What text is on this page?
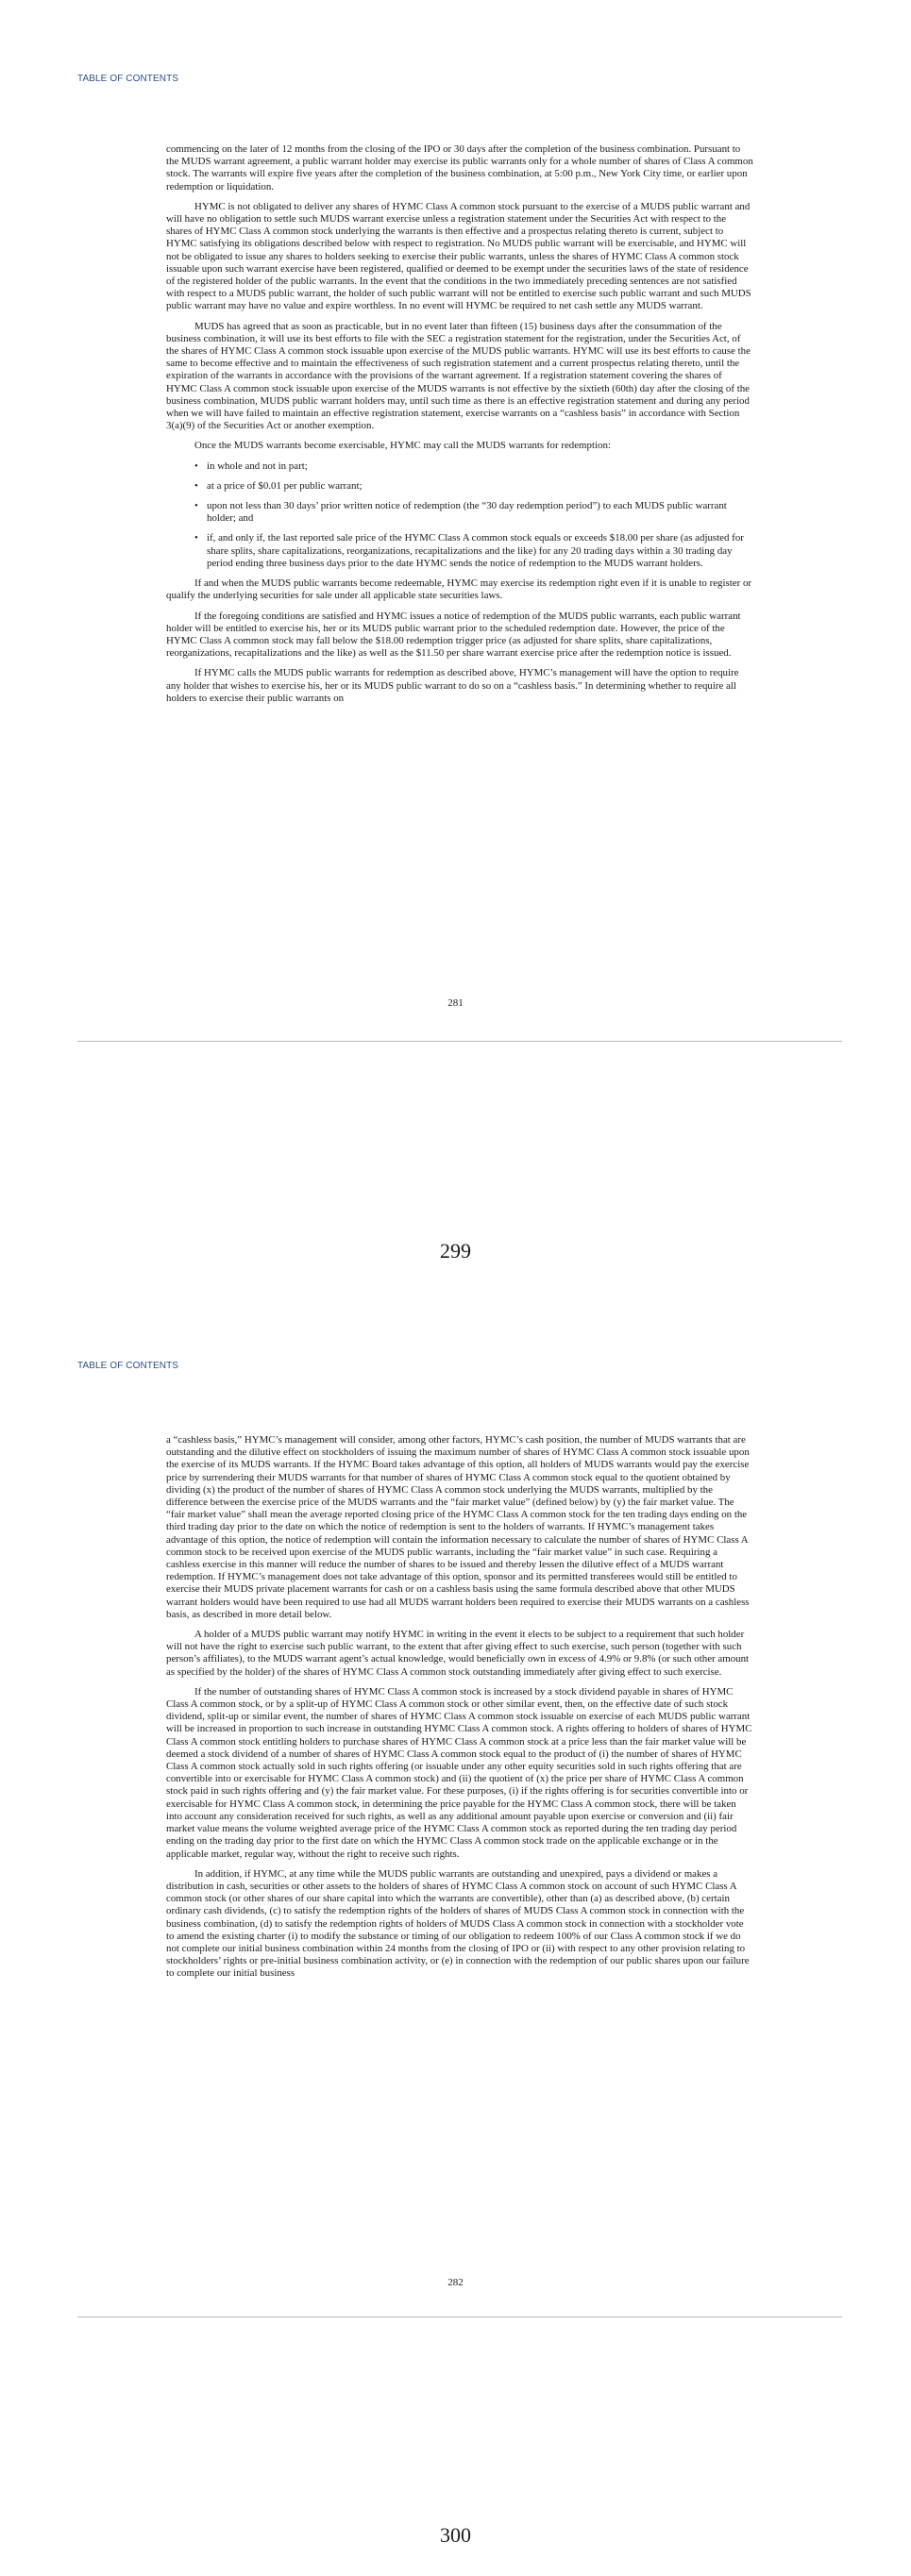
TABLE OF CONTENTS

commencing on the later of 12 months from the closing of the IPO or 30 days after the completion of the business combination. Pursuant to the MUDS warrant agreement, a public warrant holder may exercise its public warrants only for a whole number of shares of Class A common stock. The warrants will expire five years after the completion of the business combination, at 5:00 p.m., New York City time, or earlier upon redemption or liquidation.

HYMC is not obligated to deliver any shares of HYMC Class A common stock pursuant to the exercise of a MUDS public warrant and will have no obligation to settle such MUDS warrant exercise unless a registration statement under the Securities Act with respect to the shares of HYMC Class A common stock underlying the warrants is then effective and a prospectus relating thereto is current, subject to HYMC satisfying its obligations described below with respect to registration. No MUDS public warrant will be exercisable, and HYMC will not be obligated to issue any shares to holders seeking to exercise their public warrants, unless the shares of HYMC Class A common stock issuable upon such warrant exercise have been registered, qualified or deemed to be exempt under the securities laws of the state of residence of the registered holder of the public warrants. In the event that the conditions in the two immediately preceding sentences are not satisfied with respect to a MUDS public warrant, the holder of such public warrant will not be entitled to exercise such public warrant and such MUDS public warrant may have no value and expire worthless. In no event will HYMC be required to net cash settle any MUDS warrant.

MUDS has agreed that as soon as practicable, but in no event later than fifteen (15) business days after the consummation of the business combination, it will use its best efforts to file with the SEC a registration statement for the registration, under the Securities Act, of the shares of HYMC Class A common stock issuable upon exercise of the MUDS public warrants. HYMC will use its best efforts to cause the same to become effective and to maintain the effectiveness of such registration statement and a current prospectus relating thereto, until the expiration of the warrants in accordance with the provisions of the warrant agreement. If a registration statement covering the shares of HYMC Class A common stock issuable upon exercise of the MUDS warrants is not effective by the sixtieth (60th) day after the closing of the business combination, MUDS public warrant holders may, until such time as there is an effective registration statement and during any period when we will have failed to maintain an effective registration statement, exercise warrants on a “cashless basis” in accordance with Section 3(a)(9) of the Securities Act or another exemption.

Once the MUDS warrants become exercisable, HYMC may call the MUDS warrants for redemption:

• in whole and not in part;
• at a price of $0.01 per public warrant;
• upon not less than 30 days’ prior written notice of redemption (the “30 day redemption period”) to each MUDS public warrant holder; and
• if, and only if, the last reported sale price of the HYMC Class A common stock equals or exceeds $18.00 per share (as adjusted for share splits, share capitalizations, reorganizations, recapitalizations and the like) for any 20 trading days within a 30 trading day period ending three business days prior to the date HYMC sends the notice of redemption to the MUDS warrant holders.

If and when the MUDS public warrants become redeemable, HYMC may exercise its redemption right even if it is unable to register or qualify the underlying securities for sale under all applicable state securities laws.

If the foregoing conditions are satisfied and HYMC issues a notice of redemption of the MUDS public warrants, each public warrant holder will be entitled to exercise his, her or its MUDS public warrant prior to the scheduled redemption date. However, the price of the HYMC Class A common stock may fall below the $18.00 redemption trigger price (as adjusted for share splits, share capitalizations, reorganizations, recapitalizations and the like) as well as the $11.50 per share warrant exercise price after the redemption notice is issued.

If HYMC calls the MUDS public warrants for redemption as described above, HYMC’s management will have the option to require any holder that wishes to exercise his, her or its MUDS public warrant to do so on a “cashless basis.” In determining whether to require all holders to exercise their public warrants on

281
299
TABLE OF CONTENTS

a “cashless basis,” HYMC’s management will consider, among other factors, HYMC’s cash position, the number of MUDS warrants that are outstanding and the dilutive effect on stockholders of issuing the maximum number of shares of HYMC Class A common stock issuable upon the exercise of its MUDS warrants. If the HYMC Board takes advantage of this option, all holders of MUDS warrants would pay the exercise price by surrendering their MUDS warrants for that number of shares of HYMC Class A common stock equal to the quotient obtained by dividing (x) the product of the number of shares of HYMC Class A common stock underlying the MUDS warrants, multiplied by the difference between the exercise price of the MUDS warrants and the “fair market value” (defined below) by (y) the fair market value. The “fair market value” shall mean the average reported closing price of the HYMC Class A common stock for the ten trading days ending on the third trading day prior to the date on which the notice of redemption is sent to the holders of warrants. If HYMC’s management takes advantage of this option, the notice of redemption will contain the information necessary to calculate the number of shares of HYMC Class A common stock to be received upon exercise of the MUDS public warrants, including the “fair market value” in such case. Requiring a cashless exercise in this manner will reduce the number of shares to be issued and thereby lessen the dilutive effect of a MUDS warrant redemption. If HYMC’s management does not take advantage of this option, sponsor and its permitted transferees would still be entitled to exercise their MUDS private placement warrants for cash or on a cashless basis using the same formula described above that other MUDS warrant holders would have been required to use had all MUDS warrant holders been required to exercise their MUDS warrants on a cashless basis, as described in more detail below.

A holder of a MUDS public warrant may notify HYMC in writing in the event it elects to be subject to a requirement that such holder will not have the right to exercise such public warrant, to the extent that after giving effect to such exercise, such person (together with such person’s affiliates), to the MUDS warrant agent’s actual knowledge, would beneficially own in excess of 4.9% or 9.8% (or such other amount as specified by the holder) of the shares of HYMC Class A common stock outstanding immediately after giving effect to such exercise.

If the number of outstanding shares of HYMC Class A common stock is increased by a stock dividend payable in shares of HYMC Class A common stock, or by a split-up of HYMC Class A common stock or other similar event, then, on the effective date of such stock dividend, split-up or similar event, the number of shares of HYMC Class A common stock issuable on exercise of each MUDS public warrant will be increased in proportion to such increase in outstanding HYMC Class A common stock. A rights offering to holders of shares of HYMC Class A common stock entitling holders to purchase shares of HYMC Class A common stock at a price less than the fair market value will be deemed a stock dividend of a number of shares of HYMC Class A common stock equal to the product of (i) the number of shares of HYMC Class A common stock actually sold in such rights offering (or issuable under any other equity securities sold in such rights offering that are convertible into or exercisable for HYMC Class A common stock) and (ii) the quotient of (x) the price per share of HYMC Class A common stock paid in such rights offering and (y) the fair market value. For these purposes, (i) if the rights offering is for securities convertible into or exercisable for HYMC Class A common stock, in determining the price payable for the HYMC Class A common stock, there will be taken into account any consideration received for such rights, as well as any additional amount payable upon exercise or conversion and (ii) fair market value means the volume weighted average price of the HYMC Class A common stock as reported during the ten trading day period ending on the trading day prior to the first date on which the HYMC Class A common stock trade on the applicable exchange or in the applicable market, regular way, without the right to receive such rights.

In addition, if HYMC, at any time while the MUDS public warrants are outstanding and unexpired, pays a dividend or makes a distribution in cash, securities or other assets to the holders of shares of HYMC Class A common stock on account of such HYMC Class A common stock (or other shares of our share capital into which the warrants are convertible), other than (a) as described above, (b) certain ordinary cash dividends, (c) to satisfy the redemption rights of the holders of shares of MUDS Class A common stock in connection with the business combination, (d) to satisfy the redemption rights of holders of MUDS Class A common stock in connection with a stockholder vote to amend the existing charter (i) to modify the substance or timing of our obligation to redeem 100% of our Class A common stock if we do not complete our initial business combination within 24 months from the closing of IPO or (ii) with respect to any other provision relating to stockholders’ rights or pre-initial business combination activity, or (e) in connection with the redemption of our public shares upon our failure to complete our initial business

282
300
